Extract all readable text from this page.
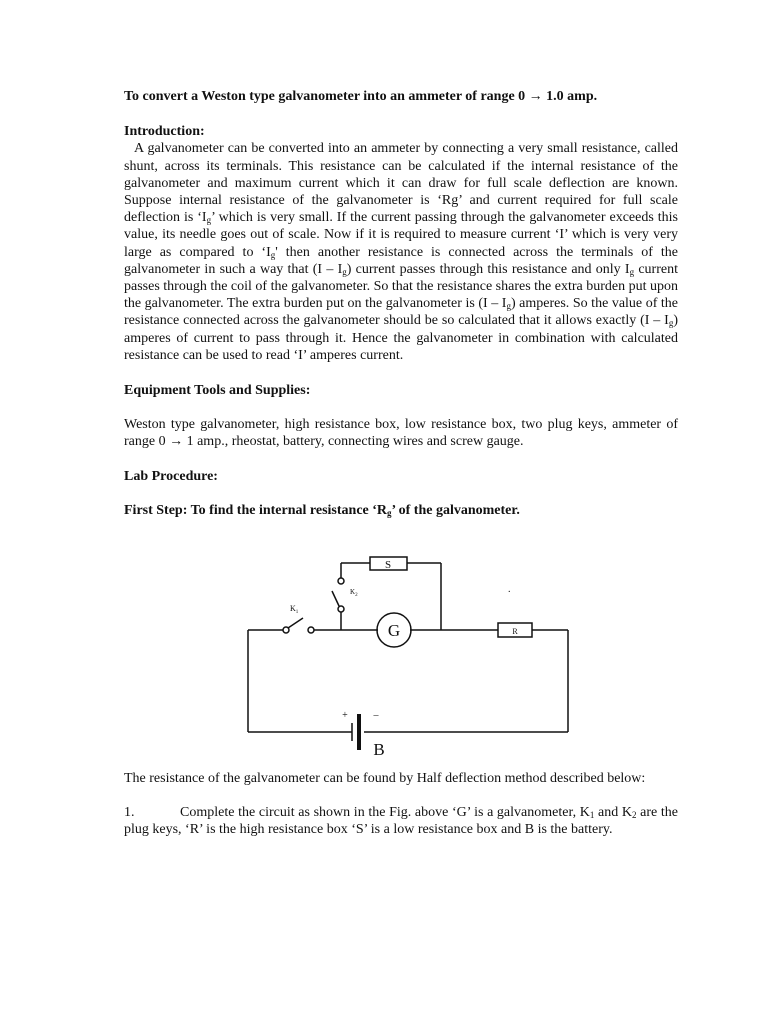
To convert a Weston type galvanometer into an ammeter of range 0 → 1.0 amp.

Introduction:

A galvanometer can be converted into an ammeter by connecting a very small resistance, called shunt, across its terminals. This resistance can be calculated if the internal resistance of the galvanometer and maximum current which it can draw for full scale deflection are known. Suppose internal resistance of the galvanometer is ‘Rg’ and current required for full scale deflection is ‘$I_g$’ which is very small. If the current passing through the galvanometer exceeds this value, its needle goes out of scale. Now if it is required to measure current ‘I’ which is very very large as compared to ‘$I_g'$ then another resistance is connected across the terminals of the galvanometer in such a way that $(I - I_g)$ current passes through this resistance and only $I_g$ current passes through the coil of the galvanometer. So that the resistance shares the extra burden put upon the galvanometer. The extra burden put on the galvanometer is $(I - I_g)$ amperes. So the value of the resistance connected across the galvanometer should be so calculated that it allows exactly $(I - I_g)$ amperes of current to pass through it. Hence the galvanometer in combination with calculated resistance can be used to read ‘I’ amperes current.

Equipment Tools and Supplies:

Weston type galvanometer, high resistance box, low resistance box, two plug keys, ammeter of range 0 → 1 amp., rheostat, battery, connecting wires and screw gauge.

Lab Procedure:

First Step: To find the internal resistance ‘$R_g$’ of the galvanometer.

S
$K_2$
$K_1$
G	R
+	–
B
.

The resistance of the galvanometer can be found by Half deflection method described below:

1.	Complete the circuit as shown in the Fig. above ‘G’ is a galvanometer, $K_1$ and $K_2$ are the plug keys, ‘R’ is the high resistance box ‘S’ is a low resistance box and B is the battery.
